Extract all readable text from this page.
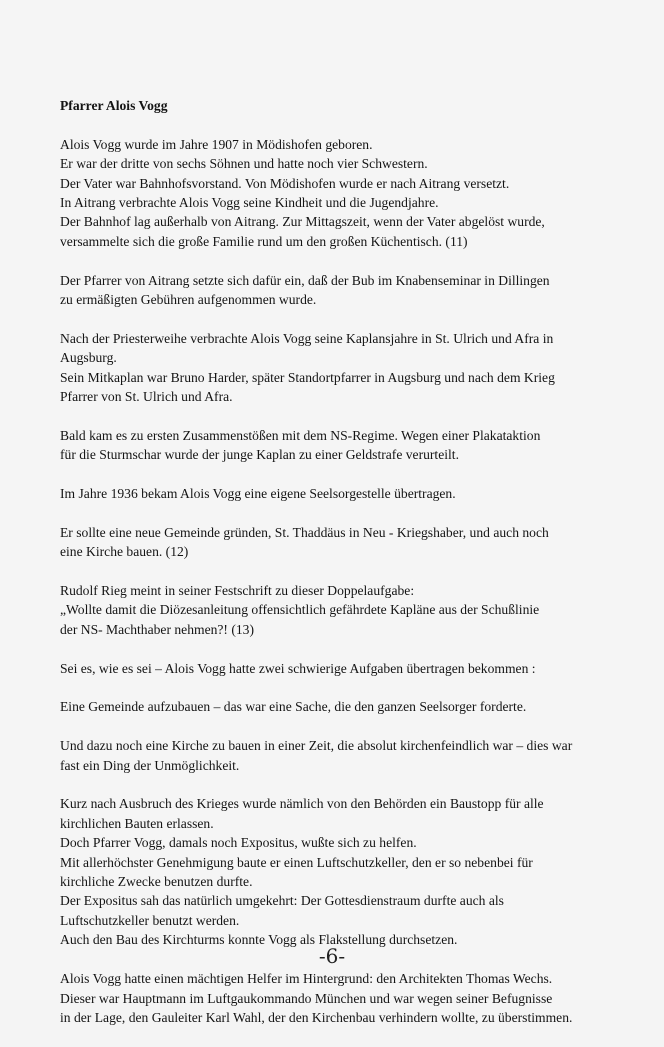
Pfarrer Alois Vogg
Alois Vogg wurde im Jahre 1907 in Mödishofen geboren.
Er war der dritte von sechs Söhnen und hatte noch vier Schwestern.
Der Vater war Bahnhofsvorstand. Von Mödishofen wurde er nach Aitrang versetzt.
In Aitrang verbrachte Alois Vogg seine Kindheit und die Jugendjahre.
Der Bahnhof lag außerhalb von Aitrang. Zur Mittagszeit, wenn der Vater abgelöst wurde,
versammelte sich die große Familie rund um den großen Küchentisch. (11)
Der Pfarrer von Aitrang setzte sich dafür ein, daß der Bub im Knabenseminar in Dillingen
zu ermäßigten Gebühren aufgenommen wurde.
Nach der Priesterweihe verbrachte Alois Vogg seine Kaplansjahre in St. Ulrich und Afra in
Augsburg.
Sein Mitkaplan war Bruno Harder, später Standortpfarrer in Augsburg und nach dem Krieg
Pfarrer von St. Ulrich und Afra.
Bald kam es zu ersten Zusammenstößen mit dem NS-Regime. Wegen einer Plakataktion
für die Sturmschar wurde der junge Kaplan zu einer Geldstrafe verurteilt.
Im Jahre 1936 bekam Alois Vogg eine eigene Seelsorgestelle übertragen.
Er sollte eine neue Gemeinde gründen, St. Thaddäus in Neu - Kriegshaber, und auch noch
eine Kirche bauen. (12)
Rudolf Rieg meint in seiner Festschrift zu dieser Doppelaufgabe:
„Wollte damit die Diözesanleitung offensichtlich gefährdete Kapläne aus der Schußlinie
der NS- Machthaber nehmen?! (13)
Sei es, wie es sei – Alois Vogg hatte zwei schwierige Aufgaben übertragen bekommen :
Eine Gemeinde aufzubauen – das war eine Sache, die den ganzen Seelsorger forderte.
Und dazu noch eine Kirche zu bauen in einer Zeit, die absolut kirchenfeindlich war – dies war
fast ein Ding der Unmöglichkeit.
Kurz nach Ausbruch des Krieges wurde nämlich von den Behörden ein Baustopp für alle
kirchlichen Bauten erlassen.
Doch Pfarrer Vogg, damals noch Expositus, wußte sich zu helfen.
Mit allerhöchster Genehmigung baute er einen Luftschutzkeller, den er so nebenbei für
kirchliche Zwecke benutzen durfte.
Der Expositus sah das natürlich umgekehrt: Der Gottesdienstraum durfte auch als
Luftschutzkeller benutzt werden.
Auch den Bau des Kirchturms konnte Vogg als Flakstellung durchsetzen.
Alois Vogg hatte einen mächtigen Helfer im Hintergrund: den Architekten Thomas Wechs.
Dieser war Hauptmann im Luftgaukommando München und war wegen seiner Befugnisse
in der Lage, den Gauleiter Karl Wahl, der den Kirchenbau verhindern wollte, zu überstimmen.
-6-
